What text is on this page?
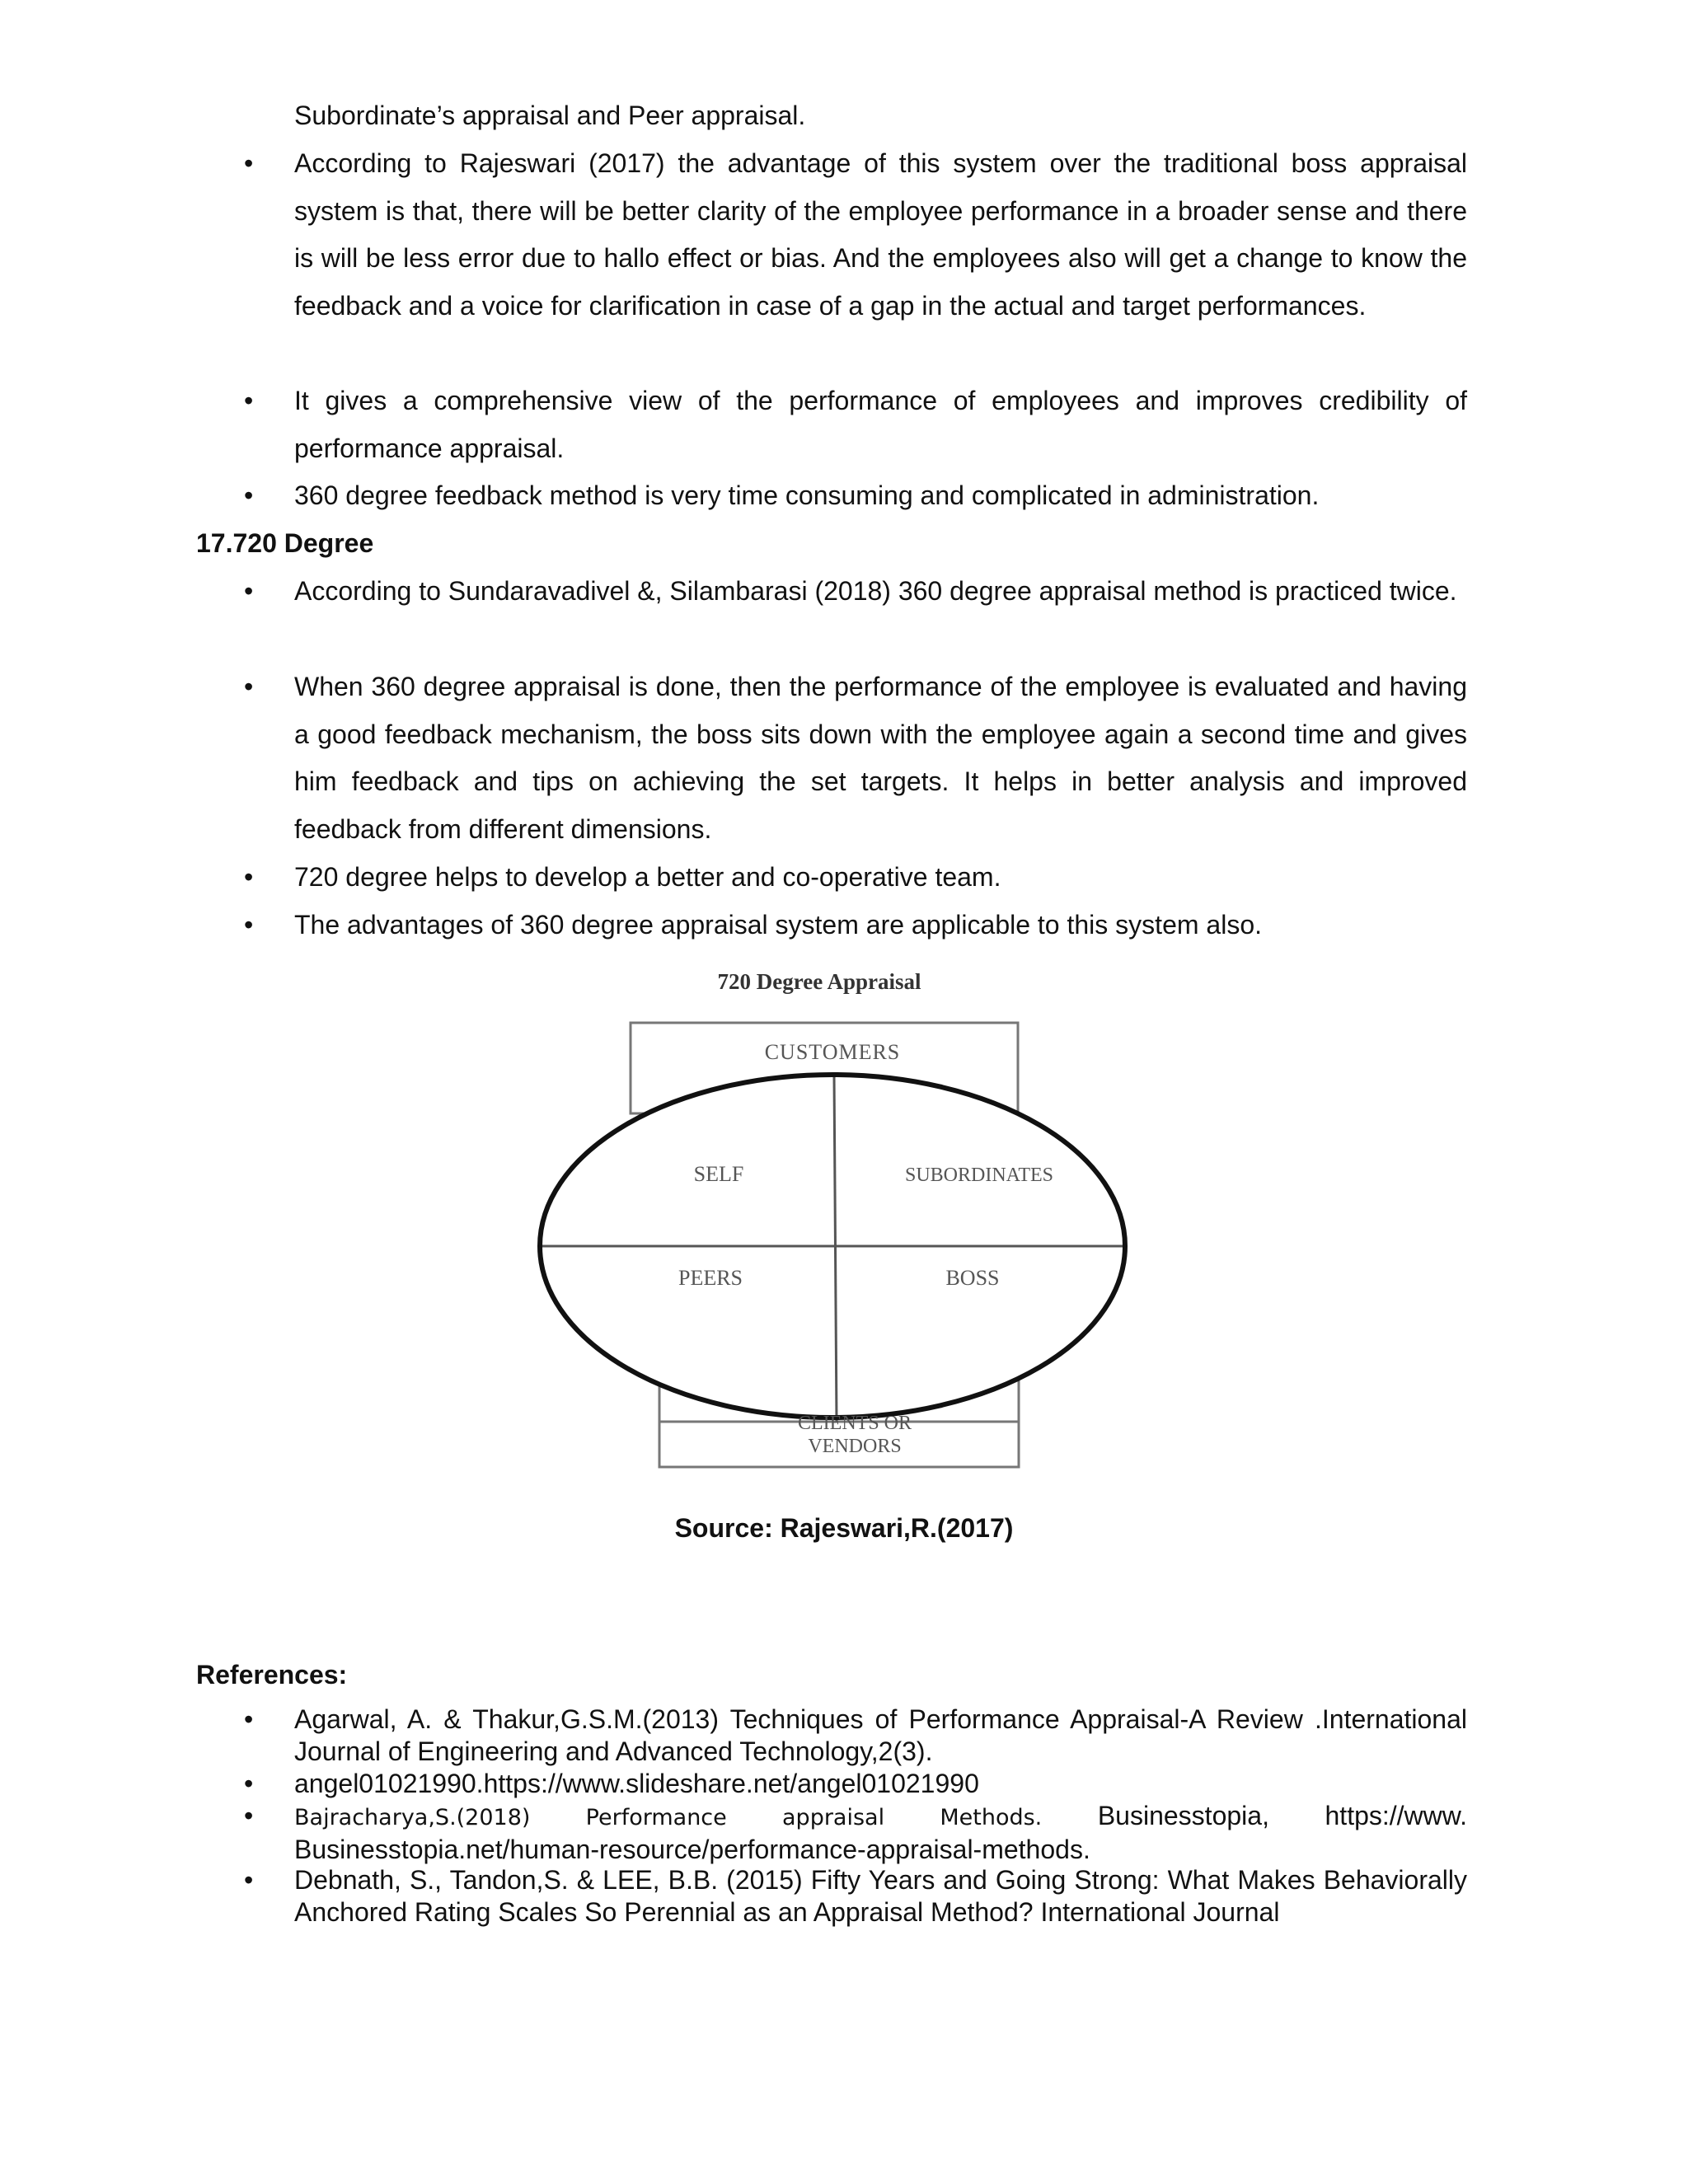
Subordinate’s appraisal and Peer appraisal.

• According to Rajeswari (2017) the advantage of this system over the traditional boss appraisal system is that, there will be better clarity of the employee performance in a broader sense and there is will be less error due to hallo effect or bias. And the employees also will get a change to know the feedback and a voice for clarification in case of a gap in the actual and target performances.

• It gives a comprehensive view of the performance of employees and improves credibility of performance appraisal.

• 360 degree feedback method is very time consuming and complicated in administration.

17.720 Degree

• According to Sundaravadivel &, Silambarasi (2018) 360 degree appraisal method is practiced twice.

• When 360 degree appraisal is done, then the performance of the employee is evaluated and having a good feedback mechanism, the boss sits down with the employee again a second time and gives him feedback and tips on achieving the set targets. It helps in better analysis and improved feedback from different dimensions.

• 720 degree helps to develop a better and co-operative team.

• The advantages of 360 degree appraisal system are applicable to this system also.

720 Degree Appraisal
CUSTOMERS
SELF	SUBORDINATES
PEERS	BOSS
CLIENTS OR
VENDORS
Source: Rajeswari,R.(2017)

References:

• Agarwal, A. & Thakur,G.S.M.(2013) Techniques of Performance Appraisal-A Review .International Journal of Engineering and Advanced Technology,2(3).

• angel01021990.https://www.slideshare.net/angel01021990

• Bajracharya,S.(2018) Performance appraisal Methods. Businesstopia, https://www. Businesstopia.net/human-resource/performance-appraisal-methods.

• Debnath, S., Tandon,S. & LEE, B.B. (2015) Fifty Years and Going Strong: What Makes Behaviorally Anchored Rating Scales So Perennial as an Appraisal Method? International Journal
